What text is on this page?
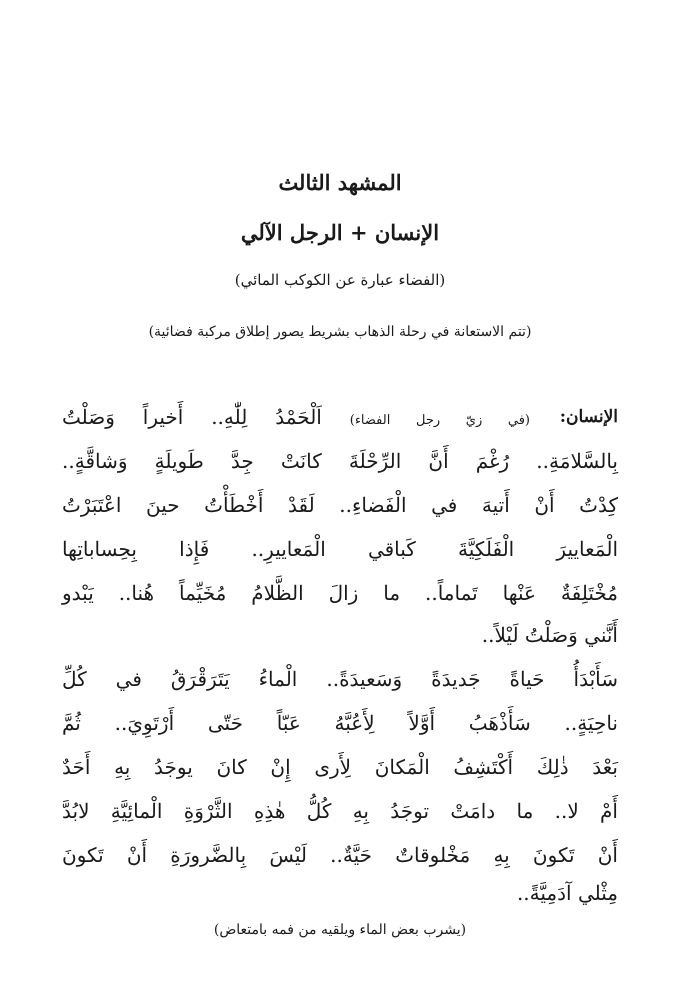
المشهد الثالث
الإنسان + الرجل الآلي
(الفضاء عبارة عن الكوكب المائي)
(تتم الاستعانة في رحلة الذهاب بشريط يصور إطلاق مركبة فضائية)
الإنسان:
(في زيّ رجل الفضاء) اَلْحَمْدُ لِلّٰهِ.. أَخيراً وَصَلْتُ
بِالسَّلامَةِ.. رُغْمَ أَنَّ الرِّحْلَةَ كانَتْ جِدَّ طَويلَةٍ وَشاقَّةٍ..
كِدْتُ أَنْ أَتيهَ في الْفَضاءِ.. لَقَدْ أَخْطَأْتُ حينَ اعْتَبَرْتُ
الْمَعاييرَ الْفَلَكِيَّةَ كَباقي الْمَعاييرِ.. فَإِذا بِحِساباتِها
مُخْتَلِفَةٌ عَنْها تَماماً.. ما زالَ الظَّلامُ مُخَيِّماً هُنا.. يَبْدو
أَنَّني وَصَلْتُ لَيْلاً..
سَأَبْدَأُ حَياةً جَديدَةً وَسَعيدَةً.. الْماءُ يَتَرَقْرَقُ في كُلِّ
ناحِيَةٍ.. سَأَذْهَبُ أَوَّلاً لِأَعُبَّهُ عَبّاً حَتّى أَرْتَوِيَ.. ثُمَّ
بَعْدَ ذٰلِكَ أَكْتَشِفُ الْمَكانَ لِأَرى إِنْ كانَ يوجَدُ بِهِ أَحَدٌ
أَمْ لا.. ما دامَتْ توجَدُ بِهِ كُلُّ هٰذِهِ الثَّرْوَةِ الْمائِيَّةِ لابُدَّ
أَنْ تَكونَ بِهِ مَخْلوقاتٌ حَيَّةٌ.. لَيْسَ بِالضَّرورَةِ أَنْ تَكونَ
مِثْلي آدَمِيَّةً..
(يشرب بعض الماء ويلقيه من فمه بامتعاض)
